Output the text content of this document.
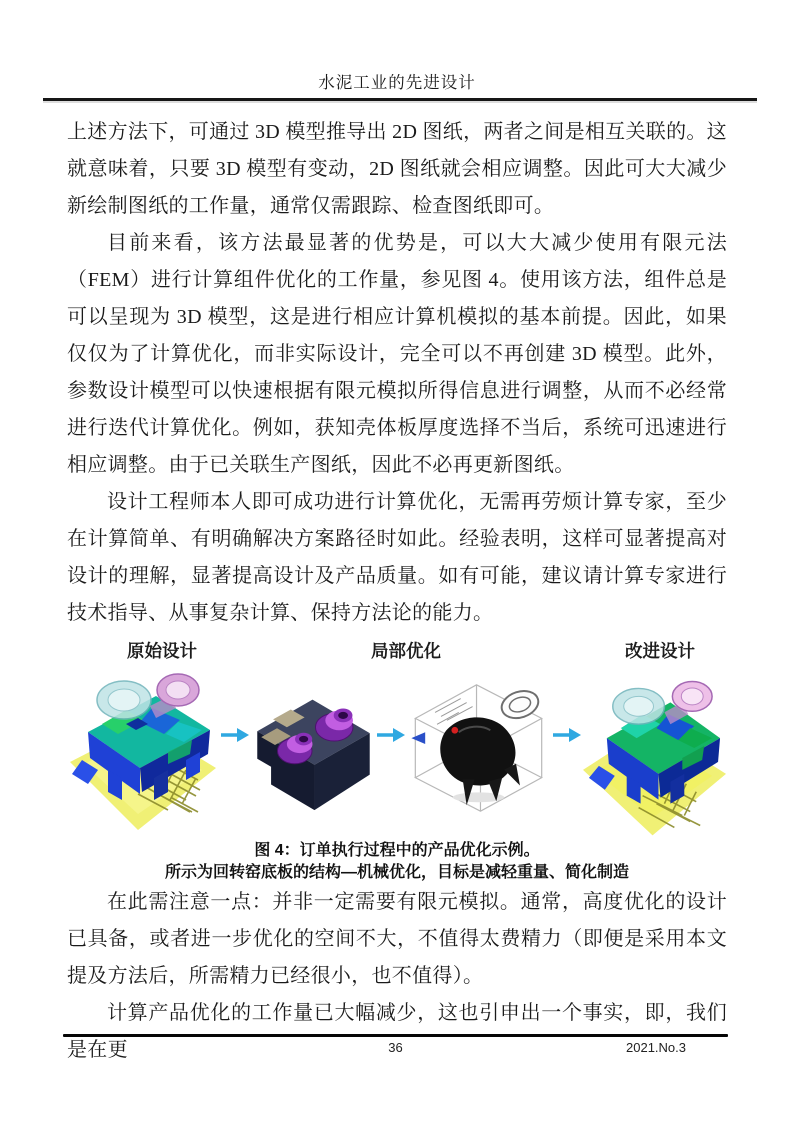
水泥工业的先进设计

上述方法下，可通过 3D 模型推导出 2D 图纸，两者之间是相互关联的。这就意味着，只要 3D 模型有变动，2D 图纸就会相应调整。因此可大大减少新绘制图纸的工作量，通常仅需跟踪、检查图纸即可。

目前来看，该方法最显著的优势是，可以大大减少使用有限元法（FEM）进行计算组件优化的工作量，参见图 4。使用该方法，组件总是可以呈现为 3D 模型，这是进行相应计算机模拟的基本前提。因此，如果仅仅为了计算优化，而非实际设计，完全可以不再创建 3D 模型。此外，参数设计模型可以快速根据有限元模拟所得信息进行调整，从而不必经常进行迭代计算优化。例如，获知壳体板厚度选择不当后，系统可迅速进行相应调整。由于已关联生产图纸，因此不必再更新图纸。

设计工程师本人即可成功进行计算优化，无需再劳烦计算专家，至少在计算简单、有明确解决方案路径时如此。经验表明，这样可显著提高对设计的理解，显著提高设计及产品质量。如有可能，建议请计算专家进行技术指导、从事复杂计算、保持方法论的能力。

原始设计	局部优化	改进设计
图 4：订单执行过程中的产品优化示例。
所示为回转窑底板的结构—机械优化，目标是减轻重量、简化制造

在此需注意一点：并非一定需要有限元模拟。通常，高度优化的设计已具备，或者进一步优化的空间不大，不值得太费精力（即便是采用本文提及方法后，所需精力已经很小，也不值得）。

计算产品优化的工作量已大幅减少，这也引申出一个事实，即，我们是在更	36	2021.No.3
